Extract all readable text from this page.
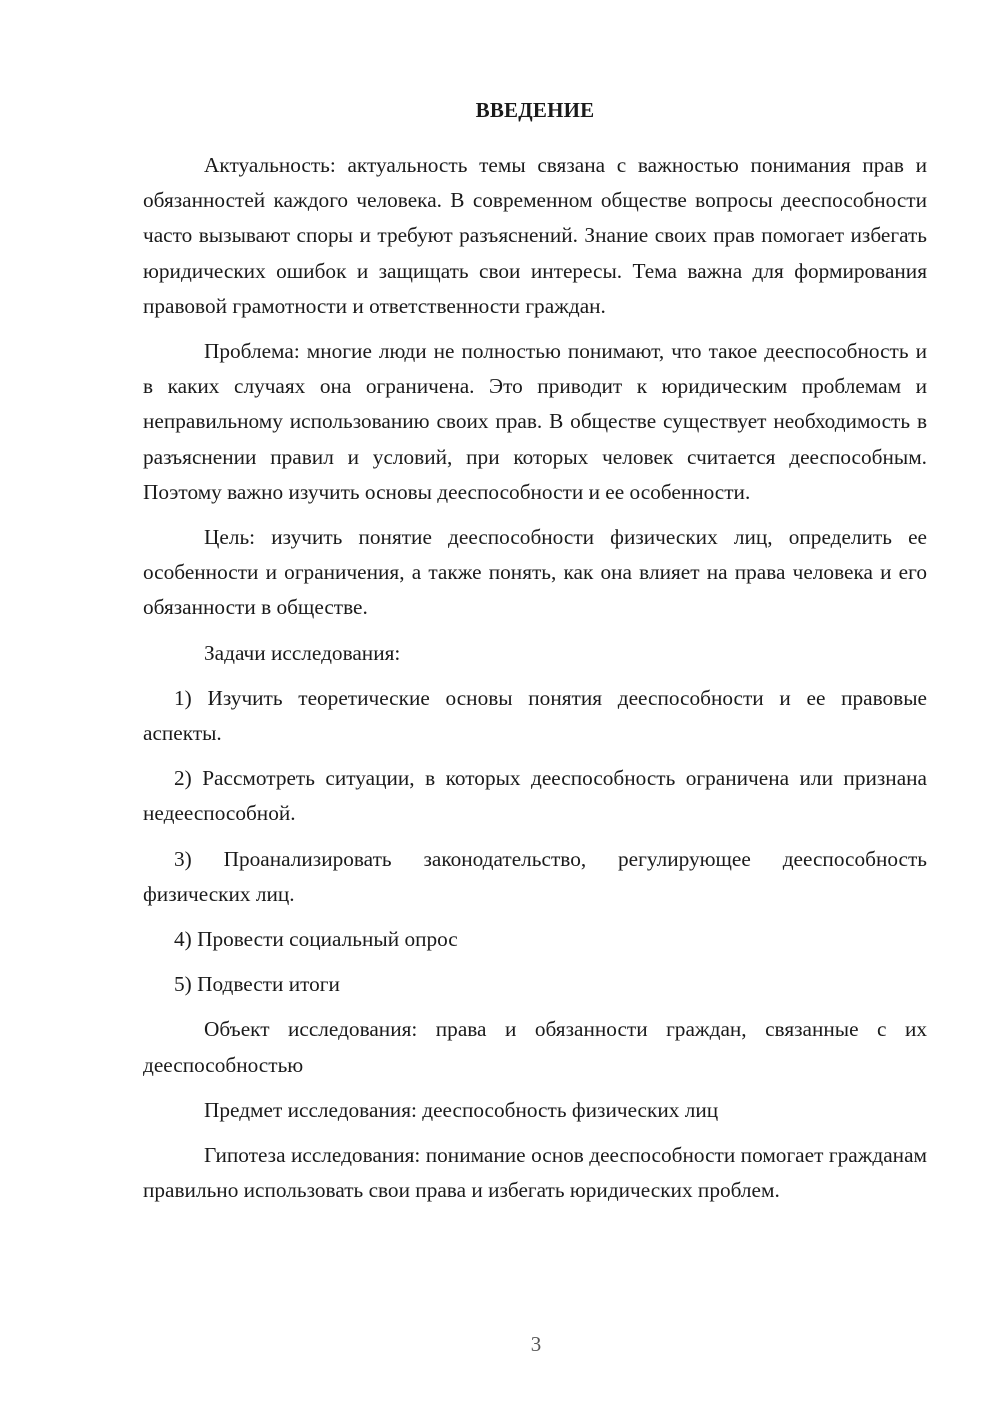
ВВЕДЕНИЕ

Актуальность: актуальность темы связана с важностью понимания прав и обязанностей каждого человека. В современном обществе вопросы дееспособности часто вызывают споры и требуют разъяснений. Знание своих прав помогает избегать юридических ошибок и защищать свои интересы. Тема важна для формирования правовой грамотности и ответственности граждан.

Проблема: многие люди не полностью понимают, что такое дееспособность и в каких случаях она ограничена. Это приводит к юридическим проблемам и неправильному использованию своих прав. В обществе существует необходимость в разъяснении правил и условий, при которых человек считается дееспособным. Поэтому важно изучить основы дееспособности и ее особенности.

Цель: изучить понятие дееспособности физических лиц, определить ее особенности и ограничения, а также понять, как она влияет на права человека и его обязанности в обществе.

Задачи исследования:

1) Изучить теоретические основы понятия дееспособности и ее правовые аспекты.

2) Рассмотреть ситуации, в которых дееспособность ограничена или признана недееспособной.

3) Проанализировать законодательство, регулирующее дееспособность физических лиц.

4) Провести социальный опрос

5) Подвести итоги

Объект исследования: права и обязанности граждан, связанные с их дееспособностью

Предмет исследования: дееспособность физических лиц

Гипотеза исследования: понимание основ дееспособности помогает гражданам правильно использовать свои права и избегать юридических проблем.

3
